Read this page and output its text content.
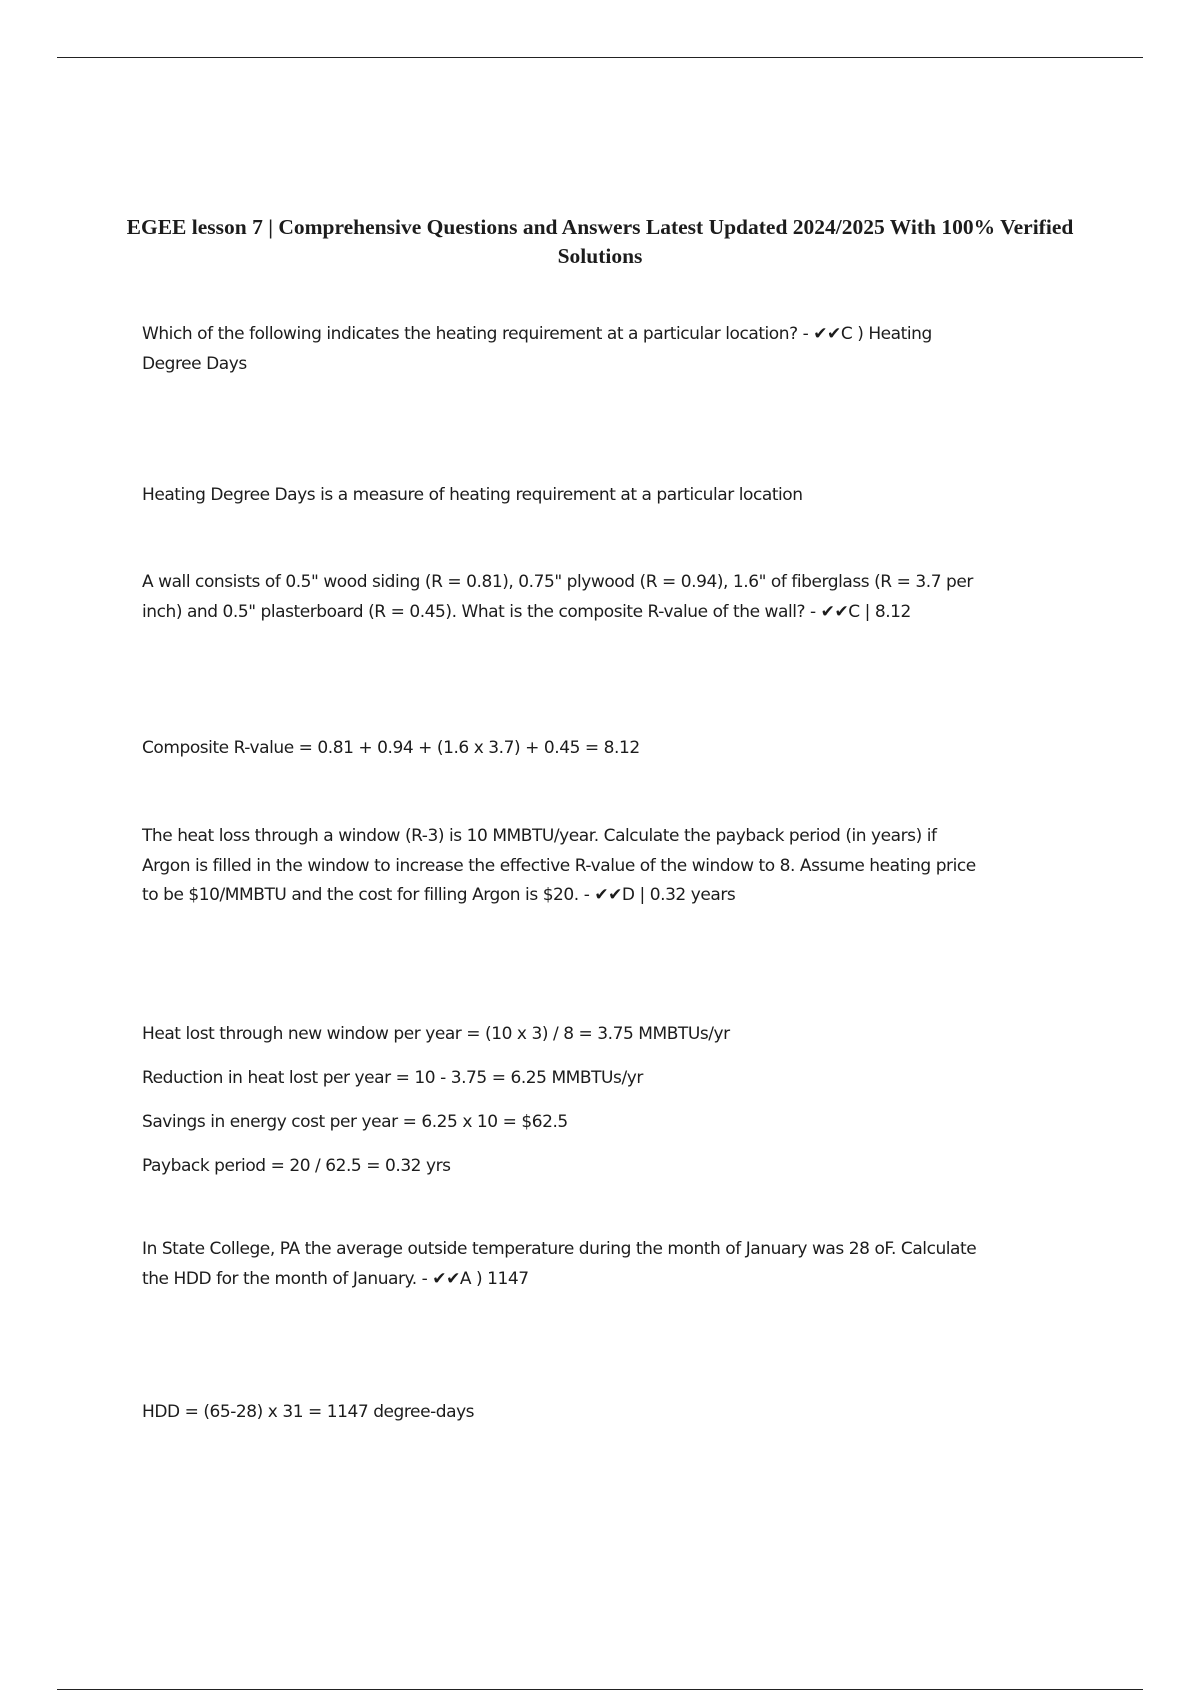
EGEE lesson 7 | Comprehensive Questions and Answers Latest Updated 2024/2025 With 100% Verified Solutions

Which of the following indicates the heating requirement at a particular location? - ✔✔C ) Heating
Degree Days

Heating Degree Days is a measure of heating requirement at a particular location

A wall consists of 0.5" wood siding (R = 0.81), 0.75" plywood (R = 0.94), 1.6" of fiberglass (R = 3.7 per
inch) and 0.5" plasterboard (R = 0.45). What is the composite R-value of the wall? - ✔✔C | 8.12

Composite R-value = 0.81 + 0.94 + (1.6 x 3.7) + 0.45 = 8.12

The heat loss through a window (R-3) is 10 MMBTU/year. Calculate the payback period (in years) if
Argon is filled in the window to increase the effective R-value of the window to 8. Assume heating price
to be $10/MMBTU and the cost for filling Argon is $20. - ✔✔D | 0.32 years

Heat lost through new window per year = (10 x 3) / 8 = 3.75 MMBTUs/yr
Reduction in heat lost per year = 10 - 3.75 = 6.25 MMBTUs/yr
Savings in energy cost per year = 6.25 x 10 = $62.5
Payback period = 20 / 62.5 = 0.32 yrs

In State College, PA the average outside temperature during the month of January was 28 oF. Calculate
the HDD for the month of January. - ✔✔A ) 1147

HDD = (65-28) x 31 = 1147 degree-days
